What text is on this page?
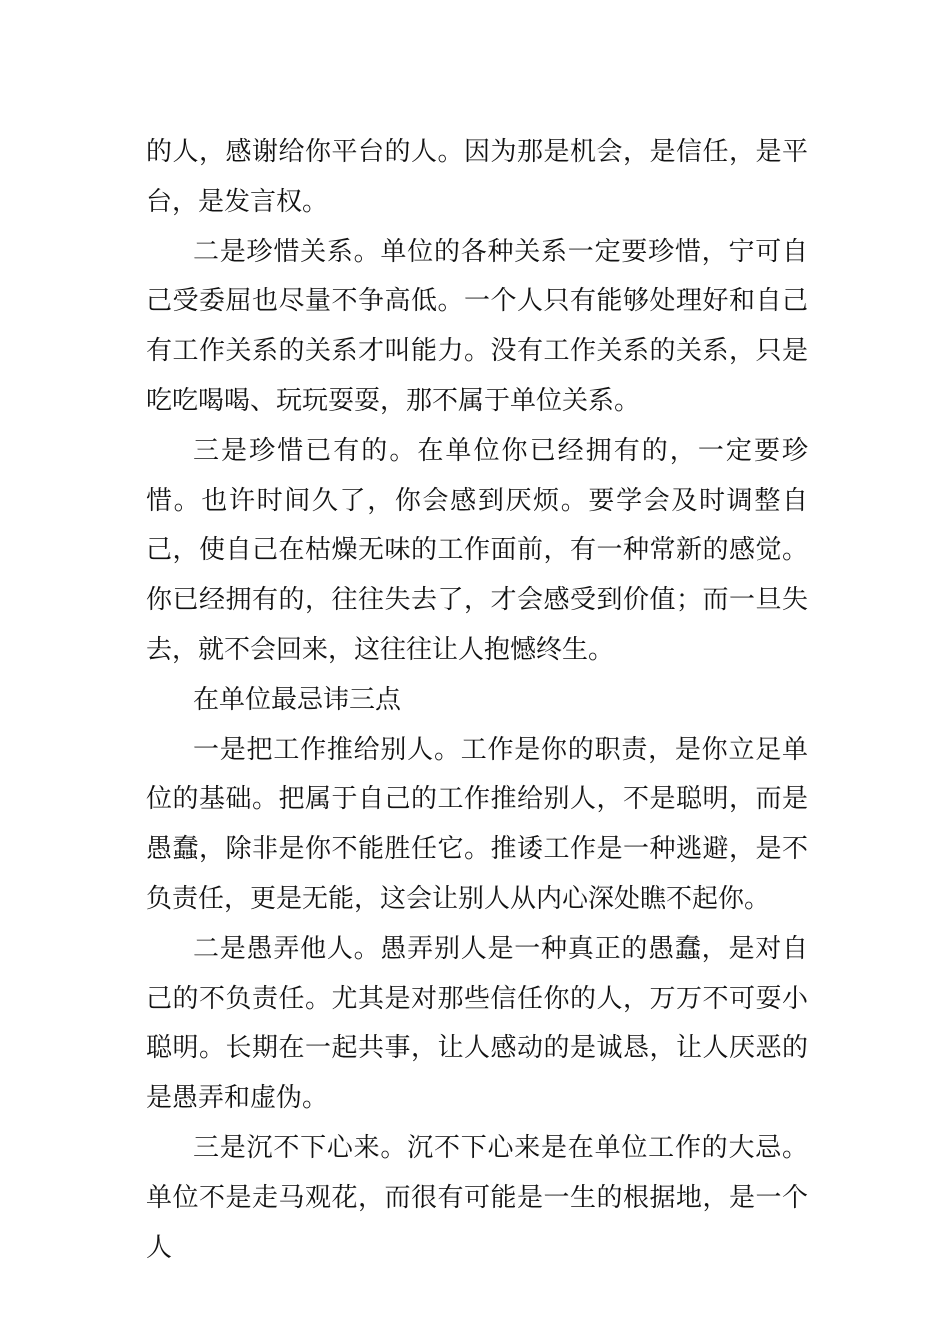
的人，感谢给你平台的人。因为那是机会，是信任，是平台，是发言权。

二是珍惜关系。单位的各种关系一定要珍惜，宁可自己受委屈也尽量不争高低。一个人只有能够处理好和自己有工作关系的关系才叫能力。没有工作关系的关系，只是吃吃喝喝、玩玩耍耍，那不属于单位关系。

三是珍惜已有的。在单位你已经拥有的，一定要珍惜。也许时间久了，你会感到厌烦。要学会及时调整自己，使自己在枯燥无味的工作面前，有一种常新的感觉。你已经拥有的，往往失去了，才会感受到价值；而一旦失去，就不会回来，这往往让人抱憾终生。

在单位最忌讳三点

一是把工作推给别人。工作是你的职责，是你立足单位的基础。把属于自己的工作推给别人，不是聪明，而是愚蠢，除非是你不能胜任它。推诿工作是一种逃避，是不负责任，更是无能，这会让别人从内心深处瞧不起你。

二是愚弄他人。愚弄别人是一种真正的愚蠢，是对自己的不负责任。尤其是对那些信任你的人，万万不可耍小聪明。长期在一起共事，让人感动的是诚恳，让人厌恶的是愚弄和虚伪。

三是沉不下心来。沉不下心来是在单位工作的大忌。单位不是走马观花，而很有可能是一生的根据地，是一个人
